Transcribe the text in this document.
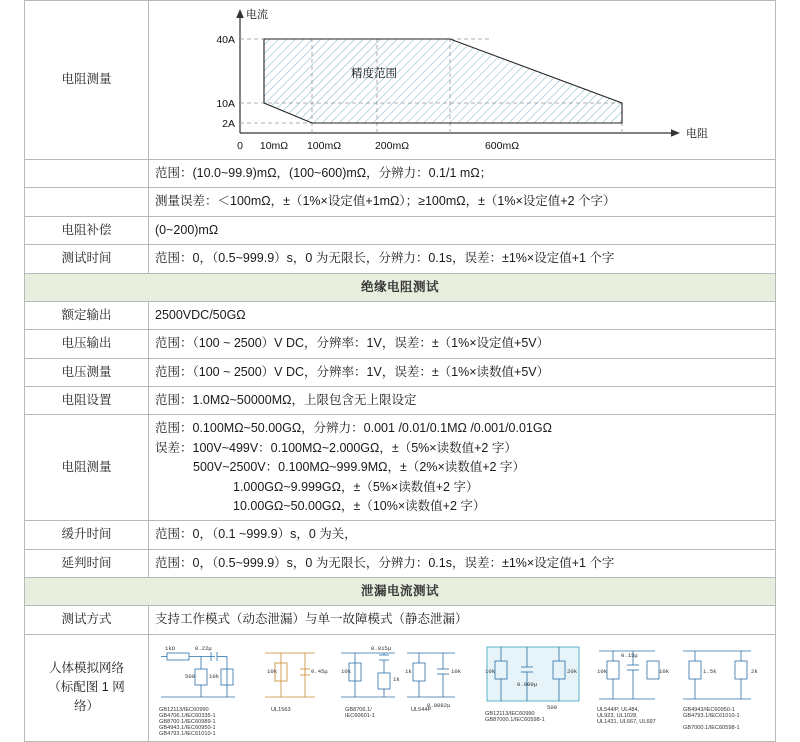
电阻测量	
40A
10A
2A
0 10mΩ 100mΩ	200mΩ	600mΩ
电流
电阻
精度范围

	范围：(10.0~99.9)mΩ，(100~600)mΩ，分辨力：0.1/1 mΩ；
	测量误差：＜100mΩ，±（1%×设定值+1mΩ）；≥100mΩ，±（1%×设定值+2 个字）
电阻补偿	(0~200)mΩ
测试时间	范围：0，（0.5~999.9）s，0 为无限长，分辨力：0.1s，误差：±1%×设定值+1 个字
绝缘电阻测试	
额定输出	2500VDC/50GΩ
电压输出	范围：（100 ~ 2500）V DC，分辨率：1V，误差：±（1%×设定值+5V）
电压测量	范围：（100 ~ 2500）V DC，分辨率：1V，误差：±（1%×读数值+5V）
电阻设置	范围：1.0MΩ~50000MΩ，上限包含无上限设定
电阻测量	范围：0.100MΩ~50.00GΩ，分辨力：0.001 /0.01/0.1MΩ /0.001/0.01GΩ
误差：100V~499V：0.100MΩ~2.000GΩ，±（5%×读数值+2 字）
500V~2500V：0.100MΩ~999.9MΩ，±（2%×读数值+2 字）
1.000GΩ~9.999GΩ，±（5%×读数值+2 字）
10.00GΩ~50.00GΩ，±（10%×读数值+2 字）

缓升时间	范围：0，（0.1 ~999.9）s，0 为关，
延判时间	范围：0，（0.5~999.9）s，0 为无限长，分辨力：0.1s，误差：±1%×设定值+1 个字
泄漏电流测试	
测试方式	支持工作模式（动态泄漏）与单一故障模式（静态泄漏）

人体模拟网络
（标配图 1 网
络）

1kΩ	0.22μ
10k
500
10k	0.45μ 10k
0.015μ
1k
1k	10k
0.0082μ
10k
0.009μ
20k
500
10k
0.15μ
10k	1.5k	2k
GB12113/IEC60990
GB4706.1/IEC60335-1
GB8700.1/IEC60989-1
GB4943.1/IEC60950-1
GB4793.1/IEC61010-1
UL1563	GB8706.1/
IEC60601-1
UL544P
GB12113/IEC60990
GB87000.1/IEC60598-1
UL544/P, UL484,
UL923, UL1028,
UL1431, UL667, UL697
GB4943/IEC60950-1
GB4793.1/IEC61010-1
GB7000.1/IEC60598-1
